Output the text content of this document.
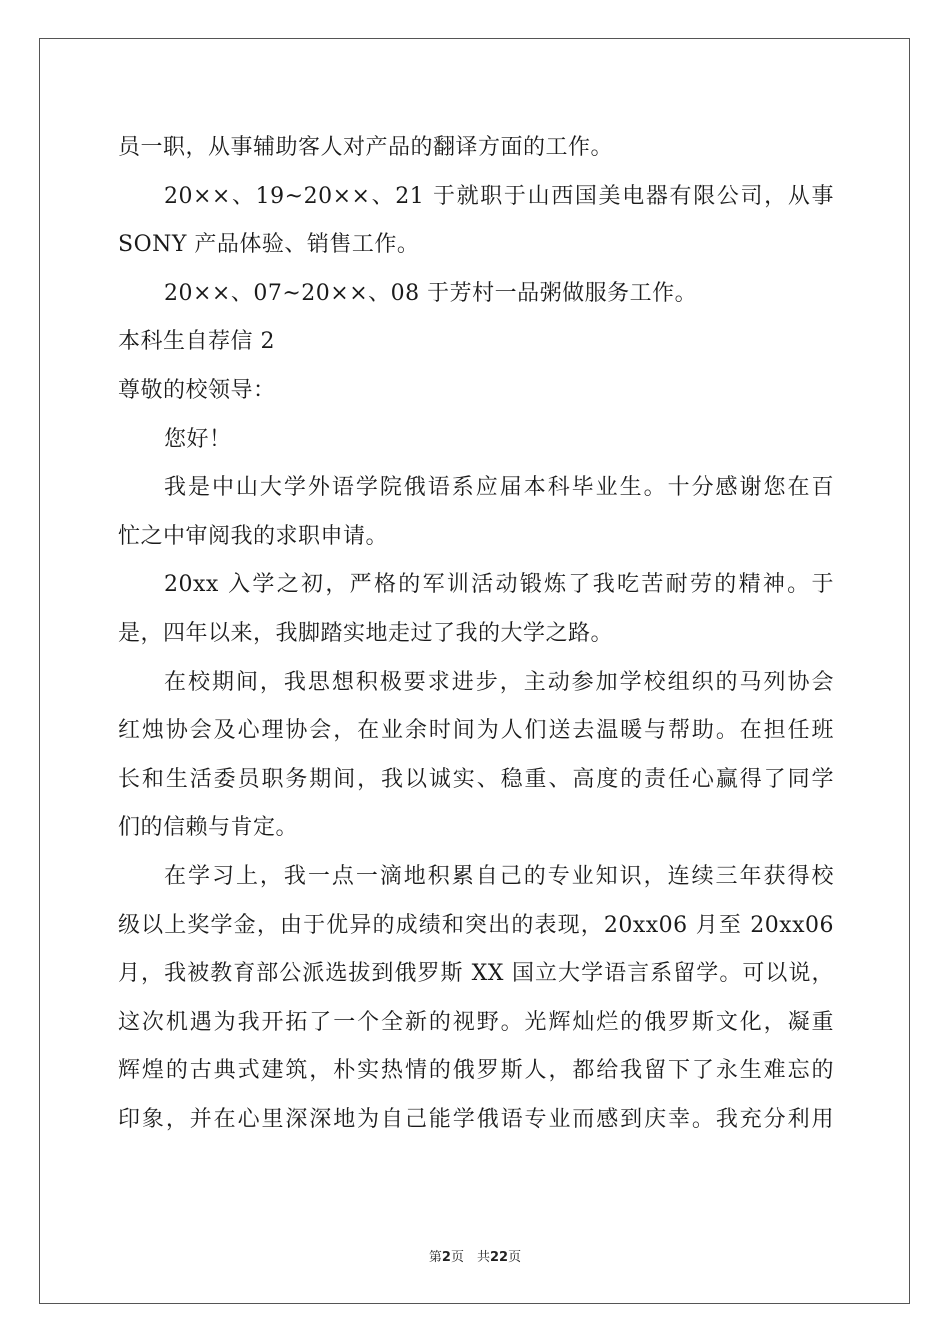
员一职，从事辅助客人对产品的翻译方面的工作。
20××、19~20××、21 于就职于山西国美电器有限公司，从事
SONY 产品体验、销售工作。
20××、07~20××、08 于芳村一品粥做服务工作。
本科生自荐信 2
尊敬的校领导：
您好！
我是中山大学外语学院俄语系应届本科毕业生。十分感谢您在百
忙之中审阅我的求职申请。
20xx 入学之初，严格的军训活动锻炼了我吃苦耐劳的精神。于
是，四年以来，我脚踏实地走过了我的大学之路。
在校期间，我思想积极要求进步，主动参加学校组织的马列协会
红烛协会及心理协会，在业余时间为人们送去温暖与帮助。在担任班
长和生活委员职务期间，我以诚实、稳重、高度的责任心赢得了同学
们的信赖与肯定。
在学习上，我一点一滴地积累自己的专业知识，连续三年获得校
级以上奖学金，由于优异的成绩和突出的表现，20xx06 月至 20xx06
月，我被教育部公派选拔到俄罗斯 XX 国立大学语言系留学。可以说，
这次机遇为我开拓了一个全新的视野。光辉灿烂的俄罗斯文化，凝重
辉煌的古典式建筑，朴实热情的俄罗斯人，都给我留下了永生难忘的
印象，并在心里深深地为自己能学俄语专业而感到庆幸。我充分利用
第2页　共22页
